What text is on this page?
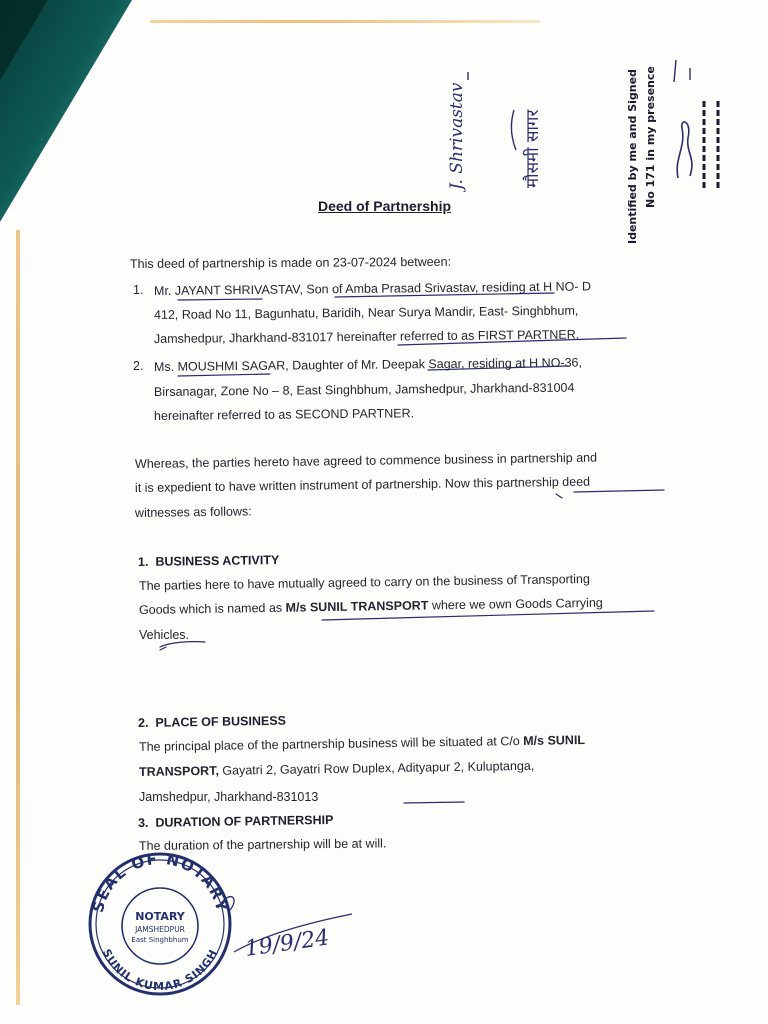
J. Shrivastav	मौसमी सागर	Identified by me and Signed No 171 in my presence
Deed of Partnership
This deed of partnership is made on 23-07-2024 between:
1. Mr. JAYANT SHRIVASTAV, Son of Amba Prasad Srivastav, residing at H NO- D
412, Road No 11, Bagunhatu, Baridih, Near Surya Mandir, East- Singhbhum,
Jamshedpur, Jharkhand-831017 hereinafter referred to as FIRST PARTNER.
2. Ms. MOUSHMI SAGAR, Daughter of Mr. Deepak Sagar, residing at H NO-36,
Birsanagar, Zone No – 8, East Singhbhum, Jamshedpur, Jharkhand-831004
hereinafter referred to as SECOND PARTNER.
Whereas, the parties hereto have agreed to commence business in partnership and
it is expedient to have written instrument of partnership. Now this partnership deed
witnesses as follows:
1. BUSINESS ACTIVITY
The parties here to have mutually agreed to carry on the business of Transporting
Goods which is named as M/s SUNIL TRANSPORT where we own Goods Carrying
Vehicles.
2. PLACE OF BUSINESS
The principal place of the partnership business will be situated at C/o M/s SUNIL
TRANSPORT, Gayatri 2, Gayatri Row Duplex, Adityapur 2, Kuluptanga,
Jamshedpur, Jharkhand-831013
3. DURATION OF PARTNERSHIP
The duration of the partnership will be at will.
SEAL OF NOTARY
SUNIL KUMAR SINGH
NOTARY
JAMSHEDPUR
East Singhbhum 19/9/24
